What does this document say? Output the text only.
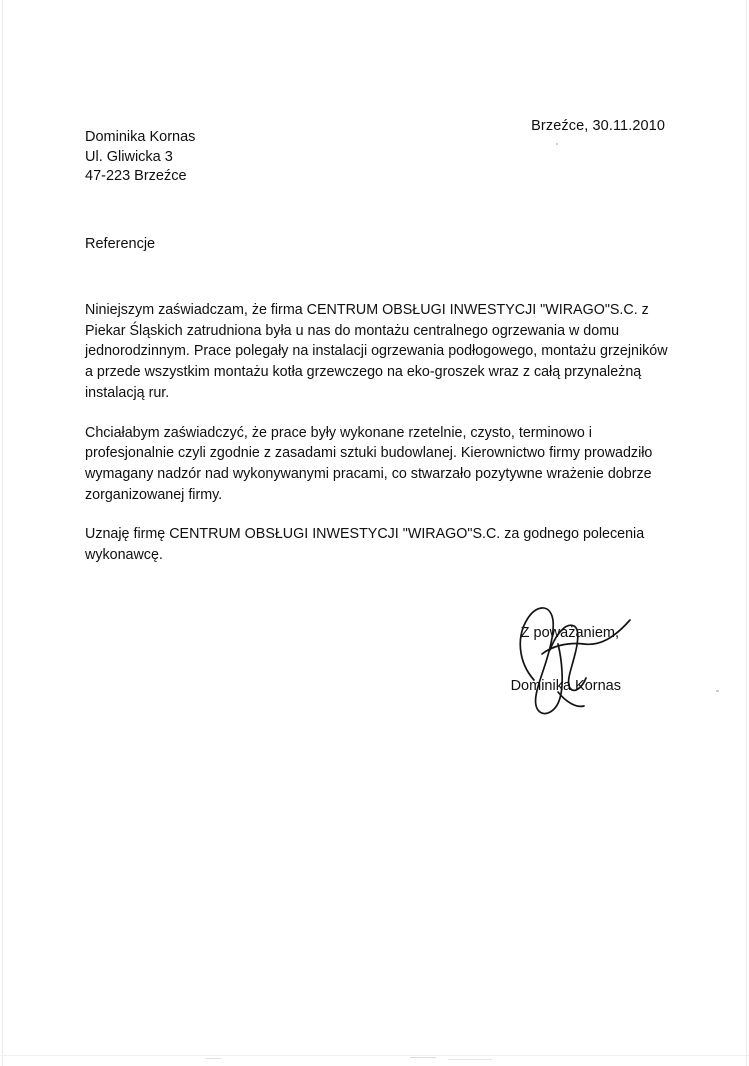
Brzeźce, 30.11.2010
Dominika Kornas
Ul. Gliwicka 3
47-223 Brzeźce
Referencje

Niniejszym zaświadczam, że firma CENTRUM OBSŁUGI INWESTYCJI "WIRAGO"S.C. z Piekar Śląskich zatrudniona była u nas do montażu centralnego ogrzewania w domu jednorodzinnym. Prace polegały na instalacji ogrzewania podłogowego, montażu grzejników a przede wszystkim montażu kotła grzewczego na eko-groszek wraz z całą przynależną instalacją rur.

Chciałabym zaświadczyć, że prace były wykonane rzetelnie, czysto, terminowo i profesjonalnie czyli zgodnie z zasadami sztuki budowlanej. Kierownictwo firmy prowadziło wymagany nadzór nad wykonywanymi pracami, co stwarzało pozytywne wrażenie dobrze zorganizowanej firmy.

Uznaję firmę CENTRUM OBSŁUGI INWESTYCJI "WIRAGO"S.C. za godnego polecenia wykonawcę.

Z poważaniem,
Dominika Kornas
